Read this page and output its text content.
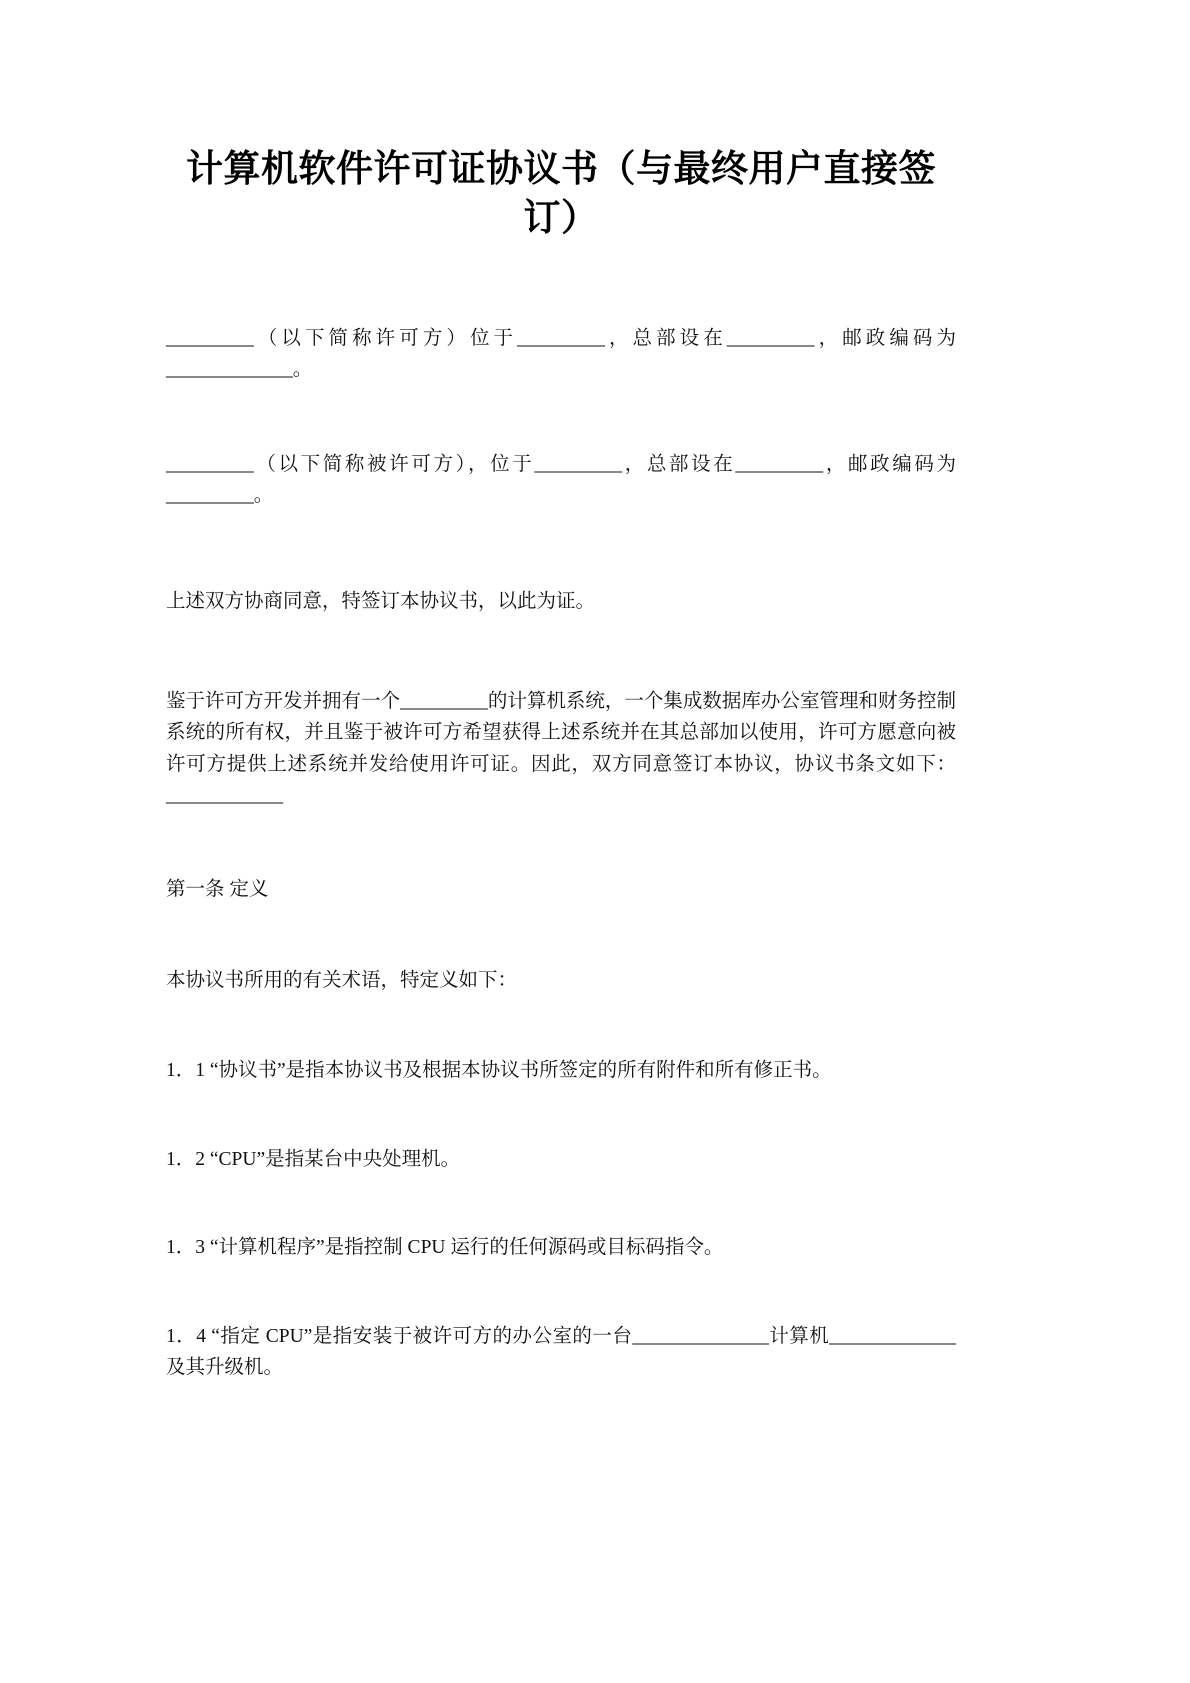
计算机软件许可证协议书（与最终用户直接签订）

_________（以下简称许可方）位于_________，总部设在_________，邮政编码为_____________。

_________（以下简称被许可方），位于_________，总部设在_________，邮政编码为_________。

上述双方协商同意，特签订本协议书，以此为证。

鉴于许可方开发并拥有一个_________的计算机系统，一个集成数据库办公室管理和财务控制系统的所有权，并且鉴于被许可方希望获得上述系统并在其总部加以使用，许可方愿意向被许可方提供上述系统并发给使用许可证。因此，双方同意签订本协议，协议书条文如下：____________

第一条 定义

本协议书所用的有关术语，特定义如下：

1．1 “协议书”是指本协议书及根据本协议书所签定的所有附件和所有修正书。

1．2 “CPU”是指某台中央处理机。

1．3 “计算机程序”是指控制 CPU 运行的任何源码或目标码指令。

1．4 “指定 CPU”是指安装于被许可方的办公室的一台______________计算机_____________及其升级机。
